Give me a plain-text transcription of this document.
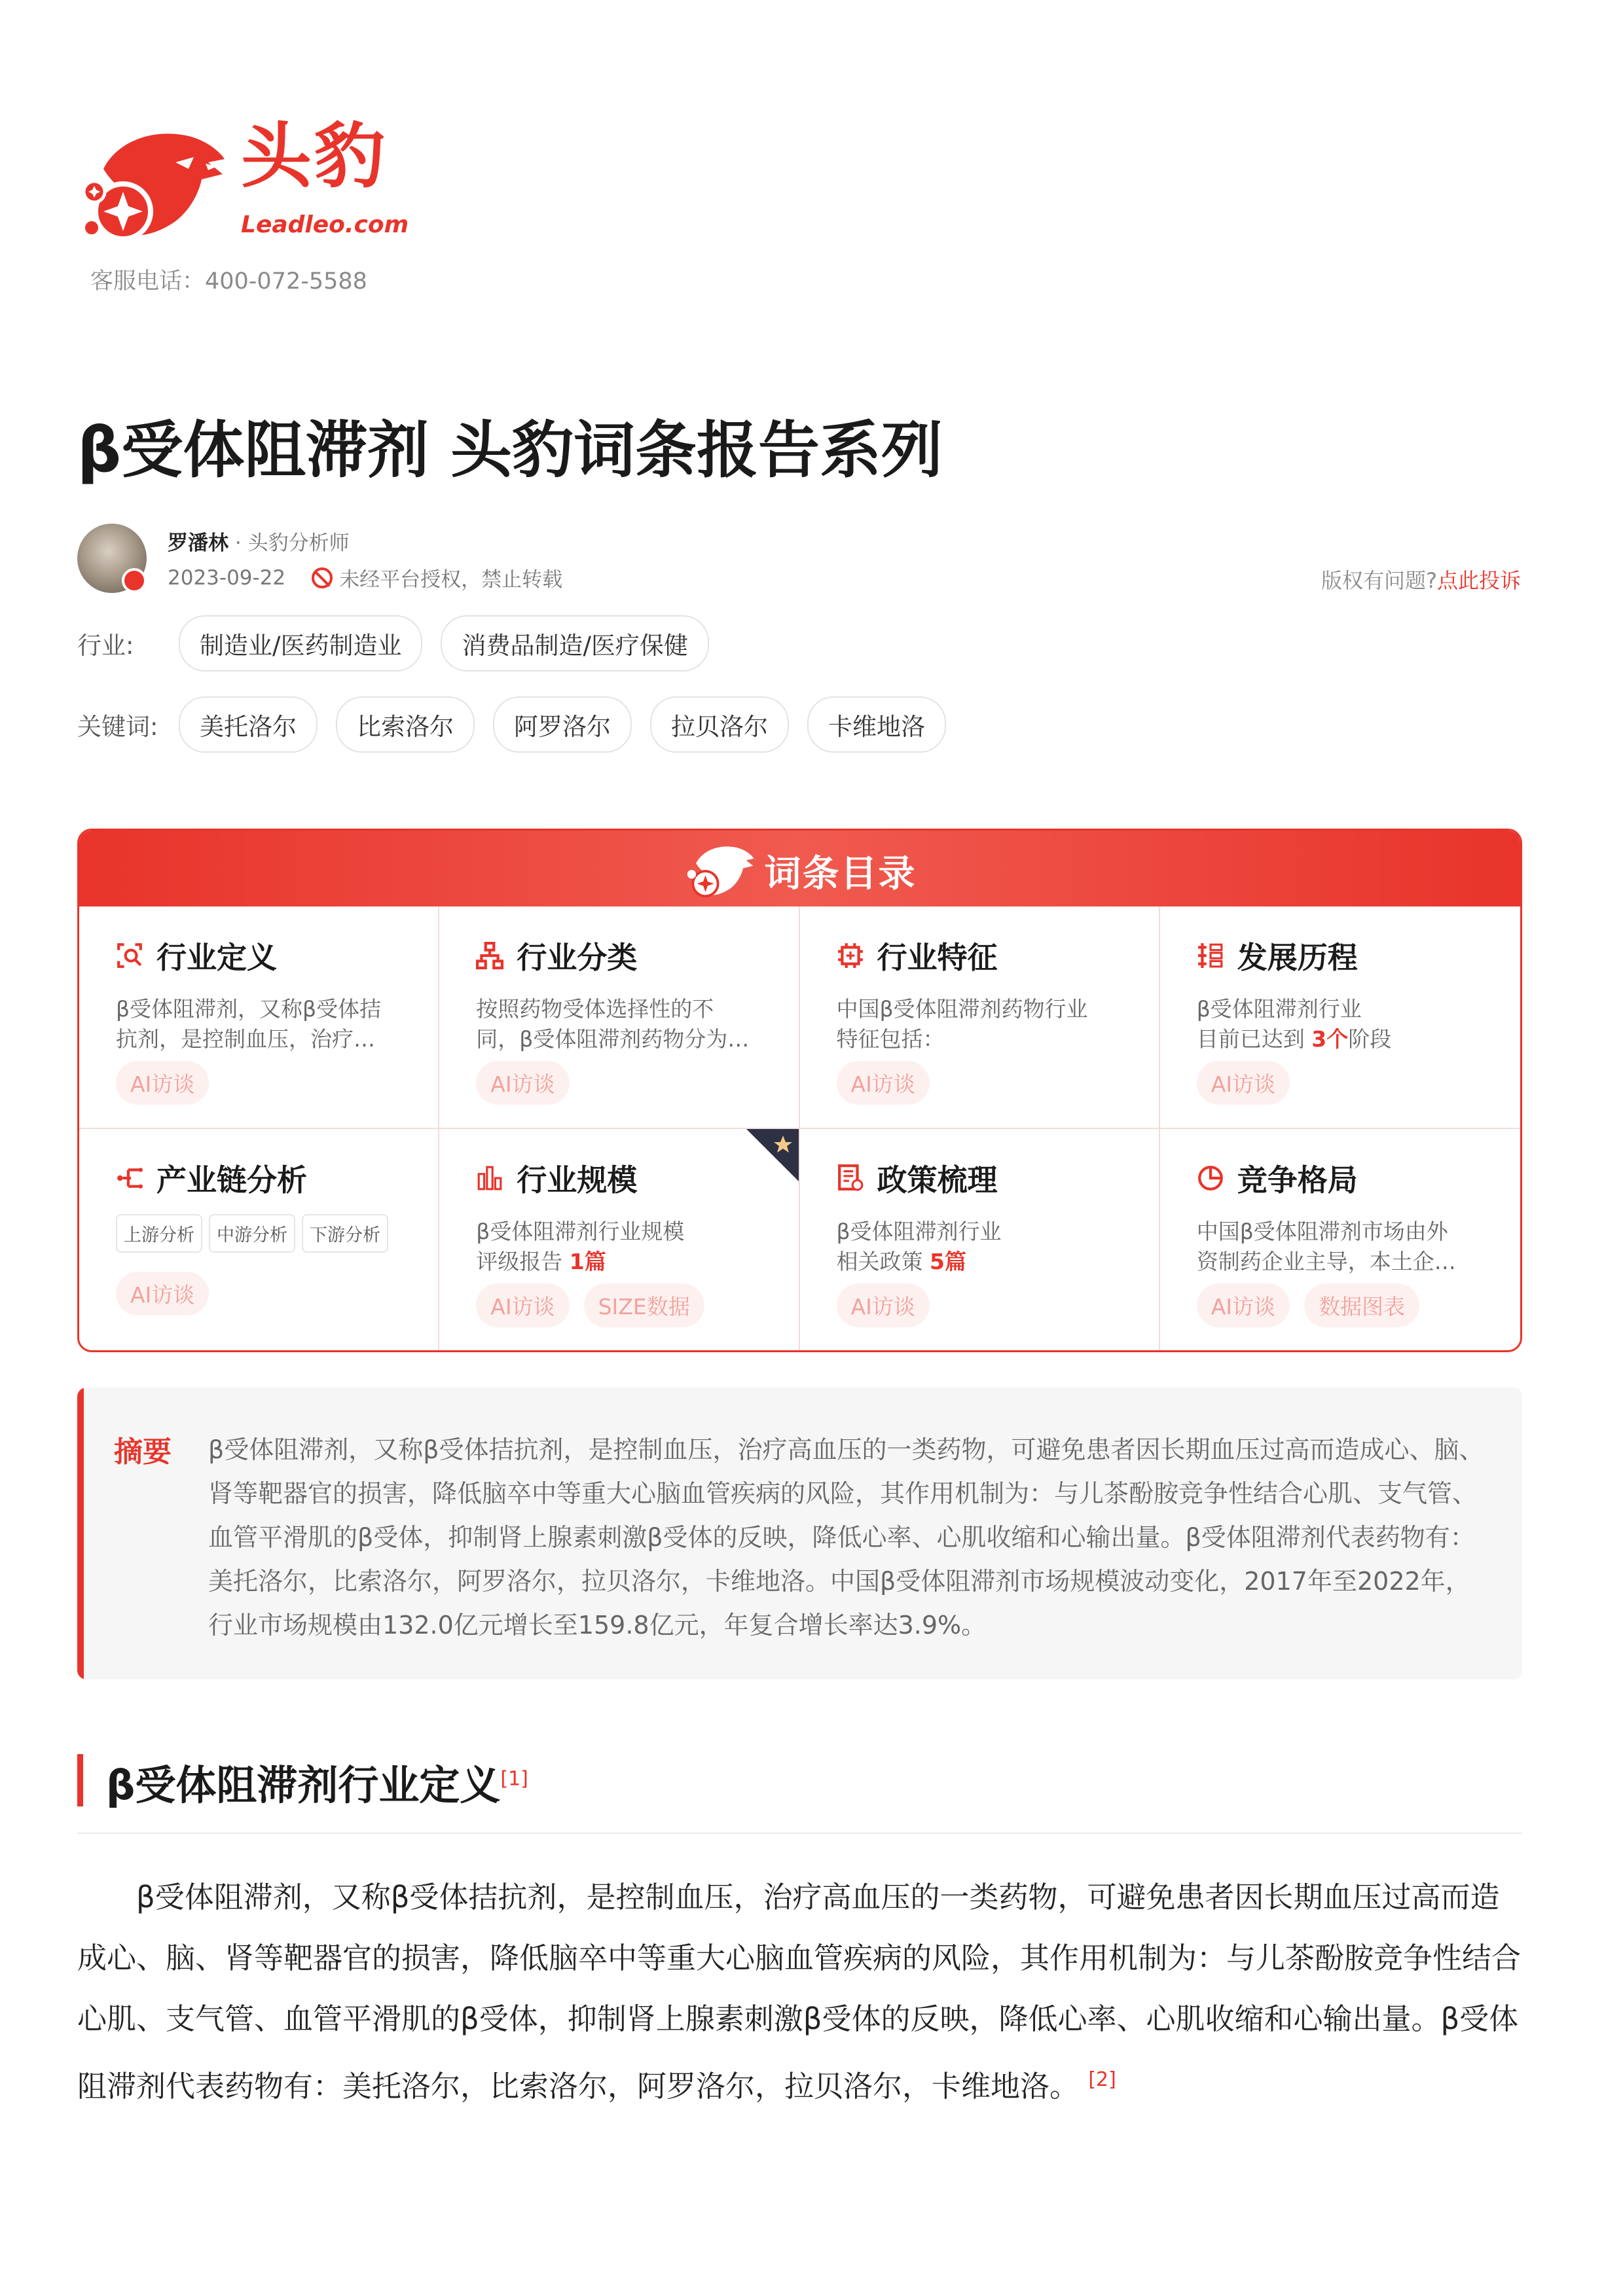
头豹
Leadleo.com
客服电话：400-072-5588
β受体阻滞剂 头豹词条报告系列
罗潘林 · 头豹分析师
2023-09-22	未经平台授权，禁止转载	版权有问题?点此投诉
行业:	制造业/医药制造业	消费品制造/医疗保健
关键词:	美托洛尔	比索洛尔	阿罗洛尔	拉贝洛尔	卡维地洛
词条目录
行业定义
β受体阻滞剂，又称β受体拮
抗剂，是控制血压，治疗…
AI访谈
行业分类
按照药物受体选择性的不
同，β受体阻滞剂药物分为…
AI访谈
行业特征
中国β受体阻滞剂药物行业
特征包括：
AI访谈
发展历程
β受体阻滞剂行业
目前已达到 3个阶段
AI访谈
产业链分析
上游分析	中游分析	下游分析
AI访谈
行业规模
β受体阻滞剂行业规模
评级报告 1篇
AI访谈	SIZE数据
政策梳理
β受体阻滞剂行业
相关政策 5篇
AI访谈
竞争格局
中国β受体阻滞剂市场由外
资制药企业主导，本土企…
AI访谈	数据图表
摘要 β受体阻滞剂，又称β受体拮抗剂，是控制血压，治疗高血压的一类药物，可避免患者因长期血压过高而造成心、脑、肾等靶器官的损害，降低脑卒中等重大心脑血管疾病的风险，其作用机制为：与儿茶酚胺竞争性结合心肌、支气管、血管平滑肌的β受体，抑制肾上腺素刺激β受体的反映，降低心率、心肌收缩和心输出量。β受体阻滞剂代表药物有：美托洛尔，比索洛尔，阿罗洛尔，拉贝洛尔，卡维地洛。中国β受体阻滞剂市场规模波动变化，2017年至2022年，行业市场规模由132.0亿元增长至159.8亿元，年复合增长率达3.9%。
β受体阻滞剂行业定义[1]

β受体阻滞剂，又称β受体拮抗剂，是控制血压，治疗高血压的一类药物，可避免患者因长期血压过高而造成心、脑、肾等靶器官的损害，降低脑卒中等重大心脑血管疾病的风险，其作用机制为：与儿茶酚胺竞争性结合心肌、支气管、血管平滑肌的β受体，抑制肾上腺素刺激β受体的反映，降低心率、心肌收缩和心输出量。β受体阻滞剂代表药物有：美托洛尔，比索洛尔，阿罗洛尔，拉贝洛尔，卡维地洛。 [2]
